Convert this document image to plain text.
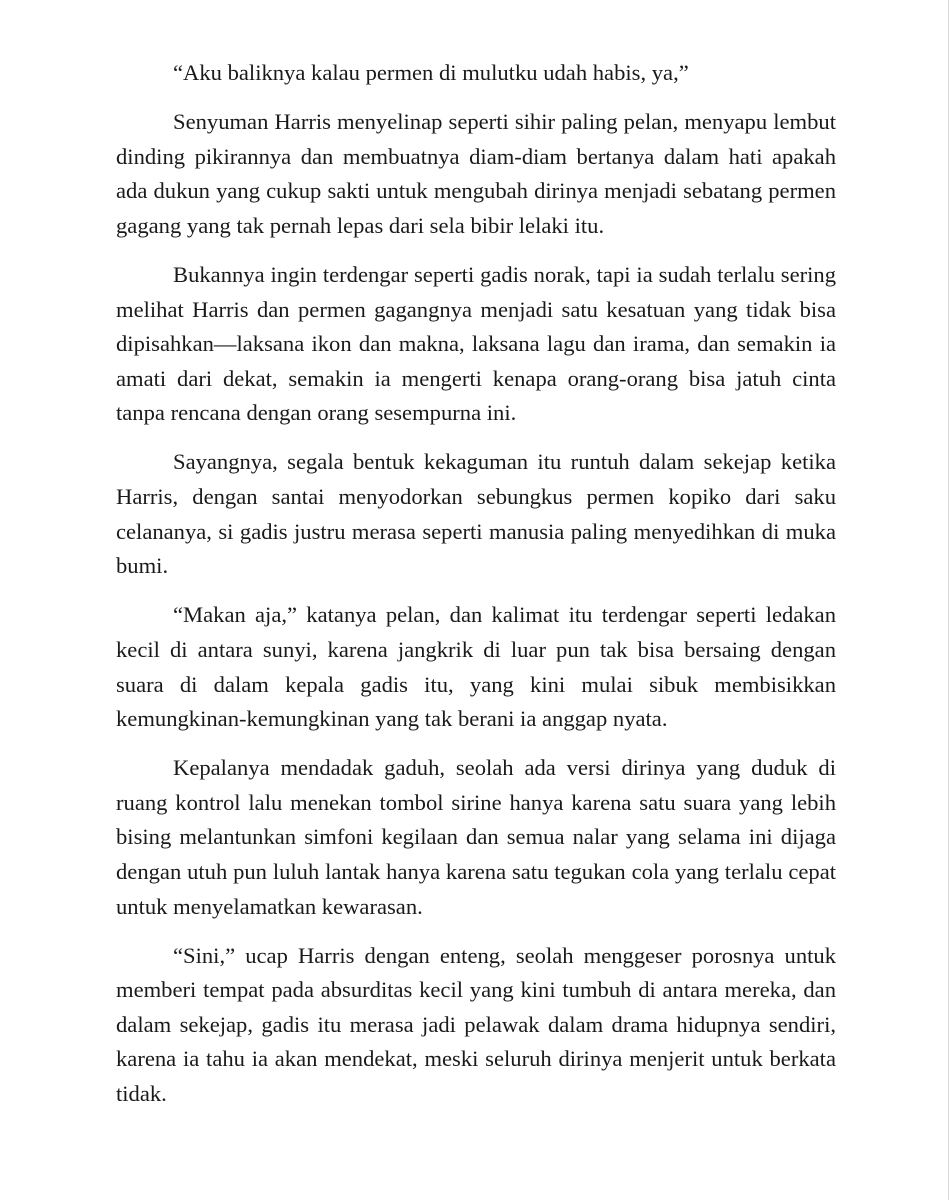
“Aku baliknya kalau permen di mulutku udah habis, ya,”

Senyuman Harris menyelinap seperti sihir paling pelan, menyapu lembut dinding pikirannya dan membuatnya diam-diam bertanya dalam hati apakah ada dukun yang cukup sakti untuk mengubah dirinya menjadi sebatang permen gagang yang tak pernah lepas dari sela bibir lelaki itu.

Bukannya ingin terdengar seperti gadis norak, tapi ia sudah terlalu sering melihat Harris dan permen gagangnya menjadi satu kesatuan yang tidak bisa dipisahkan—laksana ikon dan makna, laksana lagu dan irama, dan semakin ia amati dari dekat, semakin ia mengerti kenapa orang-orang bisa jatuh cinta tanpa rencana dengan orang sesempurna ini.

Sayangnya, segala bentuk kekaguman itu runtuh dalam sekejap ketika Harris, dengan santai menyodorkan sebungkus permen kopiko dari saku celananya, si gadis justru merasa seperti manusia paling menyedihkan di muka bumi.

“Makan aja,” katanya pelan, dan kalimat itu terdengar seperti ledakan kecil di antara sunyi, karena jangkrik di luar pun tak bisa bersaing dengan suara di dalam kepala gadis itu, yang kini mulai sibuk membisikkan kemungkinan-kemungkinan yang tak berani ia anggap nyata.

Kepalanya mendadak gaduh, seolah ada versi dirinya yang duduk di ruang kontrol lalu menekan tombol sirine hanya karena satu suara yang lebih bising melantunkan simfoni kegilaan dan semua nalar yang selama ini dijaga dengan utuh pun luluh lantak hanya karena satu tegukan cola yang terlalu cepat untuk menyelamatkan kewarasan.

“Sini,” ucap Harris dengan enteng, seolah menggeser porosnya untuk memberi tempat pada absurditas kecil yang kini tumbuh di antara mereka, dan dalam sekejap, gadis itu merasa jadi pelawak dalam drama hidupnya sendiri, karena ia tahu ia akan mendekat, meski seluruh dirinya menjerit untuk berkata tidak.
